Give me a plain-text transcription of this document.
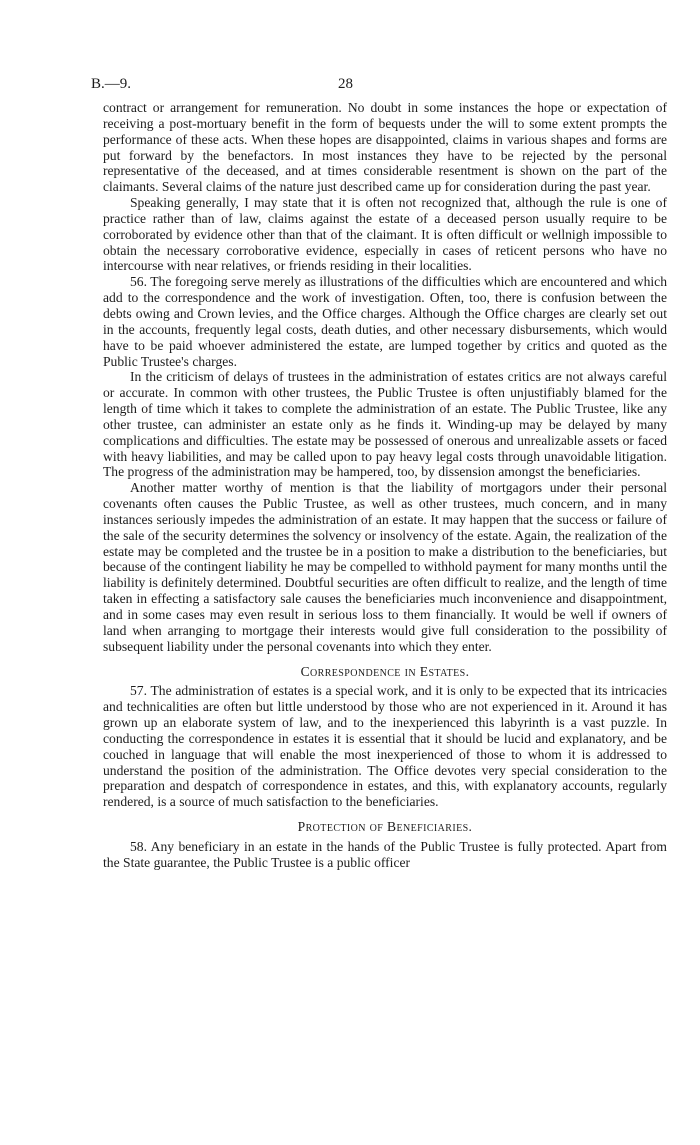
B.—9.	28

contract or arrangement for remuneration. No doubt in some instances the hope or expectation of receiving a post-mortuary benefit in the form of bequests under the will to some extent prompts the performance of these acts. When these hopes are disappointed, claims in various shapes and forms are put forward by the benefactors. In most instances they have to be rejected by the personal representative of the deceased, and at times considerable resentment is shown on the part of the claimants. Several claims of the nature just described came up for consideration during the past year.

Speaking generally, I may state that it is often not recognized that, although the rule is one of practice rather than of law, claims against the estate of a deceased person usually require to be corroborated by evidence other than that of the claimant. It is often difficult or wellnigh impossible to obtain the necessary corroborative evidence, especially in cases of reticent persons who have no intercourse with near relatives, or friends residing in their localities.

56. The foregoing serve merely as illustrations of the difficulties which are encountered and which add to the correspondence and the work of investigation. Often, too, there is confusion between the debts owing and Crown levies, and the Office charges. Although the Office charges are clearly set out in the accounts, frequently legal costs, death duties, and other necessary disbursements, which would have to be paid whoever administered the estate, are lumped together by critics and quoted as the Public Trustee's charges.

In the criticism of delays of trustees in the administration of estates critics are not always careful or accurate. In common with other trustees, the Public Trustee is often unjustifiably blamed for the length of time which it takes to complete the administration of an estate. The Public Trustee, like any other trustee, can administer an estate only as he finds it. Winding-up may be delayed by many complications and difficulties. The estate may be possessed of onerous and unrealizable assets or faced with heavy liabilities, and may be called upon to pay heavy legal costs through unavoidable litigation. The progress of the administration may be hampered, too, by dissension amongst the beneficiaries.

Another matter worthy of mention is that the liability of mortgagors under their personal covenants often causes the Public Trustee, as well as other trustees, much concern, and in many instances seriously impedes the administration of an estate. It may happen that the success or failure of the sale of the security determines the solvency or insolvency of the estate. Again, the realization of the estate may be completed and the trustee be in a position to make a distribution to the beneficiaries, but because of the contingent liability he may be compelled to withhold payment for many months until the liability is definitely determined. Doubtful securities are often difficult to realize, and the length of time taken in effecting a satisfactory sale causes the beneficiaries much inconvenience and disappointment, and in some cases may even result in serious loss to them financially. It would be well if owners of land when arranging to mortgage their interests would give full consideration to the possibility of subsequent liability under the personal covenants into which they enter.

Correspondence in Estates.

57. The administration of estates is a special work, and it is only to be expected that its intricacies and technicalities are often but little understood by those who are not experienced in it. Around it has grown up an elaborate system of law, and to the inexperienced this labyrinth is a vast puzzle. In conducting the correspondence in estates it is essential that it should be lucid and explanatory, and be couched in language that will enable the most inexperienced of those to whom it is addressed to understand the position of the administration. The Office devotes very special consideration to the preparation and despatch of correspondence in estates, and this, with explanatory accounts, regularly rendered, is a source of much satisfaction to the beneficiaries.

Protection of Beneficiaries.

58. Any beneficiary in an estate in the hands of the Public Trustee is fully protected. Apart from the State guarantee, the Public Trustee is a public officer
